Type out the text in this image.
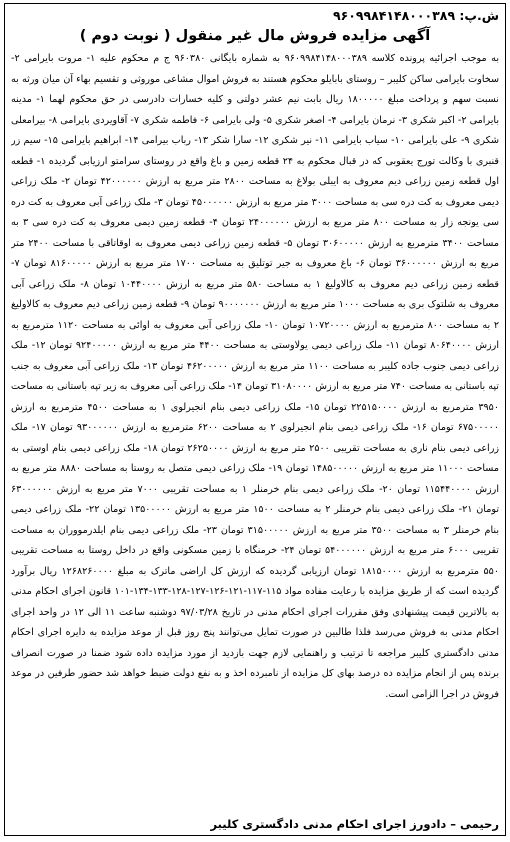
ش.پ: ۹۶۰۹۹۸۴۱۴۸۰۰۰۳۸۹
آگهی مزایده فروش مال غیر منقول ( نوبت دوم )
به موجب اجرائیه پرونده کلاسه ۹۶۰۹۹۸۴۱۴۸۰۰۰۳۸۹ به شماره بایگانی ۹۶۰۳۸۰ ج م محکوم علیه ۱- مروت بایرامی ۲- سخاوت بایرامی ساکن کلیبر – روستای بابایلو محکوم هستند به فروش اموال مشاعی موروثی و تقسیم بهاء آن میان ورثه به نسبت سهم و پرداخت مبلغ ۱۸۰۰۰۰۰ ریال بابت نیم عشر دولتی و کلیه خسارات دادرسی در حق محکوم لهما ۱- مدینه بایرامی ۲- اکبر شکری ۳- نرمان بایرامی ۴- اصغر شکری ۵- ولی بایرامی ۶- فاطمه شکری ۷- آقاویردی بایرامی ۸- بیرامعلی شکری ۹- علی بایرامی ۱۰- سیاب بایرامی ۱۱- نیر شکری ۱۲- سارا شکر ۱۳- رباب بیرامی ۱۴- ابراهیم بایرامی ۱۵- سیم زر قنبری با وکالت تورج یعقوبی که در قبال محکوم به ۲۴ قطعه زمین و باغ واقع در روستای سرامتو ارزیابی گردیده ۱- قطعه اول قطعه زمین زراعی دیم معروف به ایبلی بولاغ به مساحت ۲۸۰۰ متر مربع به ارزش ۴۲۰۰۰۰۰۰ تومان ۲- ملک زراعی دیمی معروف به کت دره سی به مساحت ۳۰۰۰ متر مربع به ارزش ۴۵۰۰۰۰۰۰ تومان ۳- ملک زراعی آبی معروف به کت دره سی یونجه زار به مساحت ۸۰۰ متر مربع به ارزش ۲۴۰۰۰۰۰۰ تومان ۴- قطعه زمین دیمی معروف به کت دره سی ۳ به مساحت ۳۴۰۰ مترمربع به ارزش ۳۰۶۰۰۰۰۰ تومان ۵- قطعه زمین زراعی دیمی معروف به اوقاتاقی با مساحت ۲۴۰۰ متر مربع به ارزش ۳۶۰۰۰۰۰۰ تومان ۶- باغ معروف به جیر توتلیق به مساحت ۱۷۰۰ متر مربع به ارزش ۸۱۶۰۰۰۰۰ تومان ۷- قطعه زمین زراعی دیم معروف به کالاولیغ ۱ به مساحت ۵۸۰ متر مربع به ارزش ۱۰۴۴۰۰۰۰ تومان ۸- ملک زراعی آبی معروف به شلتوک بری به مساحت ۱۰۰۰ متر مربع به ارزش ۹۰۰۰۰۰۰۰ تومان ۹- قطعه زمین زراعی دیم معروف به کالاولیغ ۲ به مساحت ۸۰۰ مترمربع به ارزش ۱۰۷۲۰۰۰۰ تومان ۱۰- ملک زراعی آبی معروف به اوائی به مساحت ۱۱۲۰ مترمربع به ارزش ۸۰۶۴۰۰۰۰ تومان ۱۱- ملک زراعی دیمی یولاوستی به مساحت ۴۴۰۰ متر مربع به ارزش ۹۲۴۰۰۰۰۰ تومان ۱۲- ملک زراعی دیمی جنوب جاده کلیبر به مساحت ۱۱۰۰ متر مربع به ارزش ۴۶۲۰۰۰۰۰ تومان ۱۳- ملک زراعی آبی معروف به جنب تپه باستانی به مساحت ۷۴۰ متر مربع به ارزش ۳۱۰۸۰۰۰۰ تومان ۱۴- ملک زراعی آبی معروف به زیر تپه باستانی به مساحت ۳۹۵۰ مترمربع به ارزش ۲۲۵۱۵۰۰۰۰ تومان ۱۵- ملک زراعی دیمی بنام انجیرلوی ۱ به مساحت ۴۵۰۰ مترمربع به ارزش ۶۷۵۰۰۰۰۰ تومان ۱۶- ملک زراعی دیمی بنام انجیرلوی ۲ به مساحت ۶۲۰۰ مترمربع به ارزش ۹۳۰۰۰۰۰۰ تومان ۱۷- ملک زراعی دیمی بنام ناری به مساحت تقریبی ۲۵۰۰ متر مربع به ارزش ۲۶۲۵۰۰۰۰ تومان ۱۸- ملک زراعی دیمی بنام اوستی به مساحت ۱۱۰۰۰ متر مربع به ارزش ۱۴۸۵۰۰۰۰۰ تومان ۱۹- ملک زراعی دیمی متصل به روستا به مساحت ۸۸۸۰ متر مربع به ارزش ۱۱۵۴۴۰۰۰۰ تومان ۲۰- ملک زراعی دیمی بنام خرمنلر ۱ به مساحت تقریبی ۷۰۰۰ متر مربع به ارزش ۶۳۰۰۰۰۰۰ تومان ۲۱- ملک زراعی دیمی بنام خرمنلر ۲ به مساحت ۱۵۰۰ متر مربع به ارزش ۱۳۵۰۰۰۰۰ تومان ۲۲- ملک زراعی دیمی بنام خرمنلر ۳ به مساحت ۳۵۰۰ متر مربع به ارزش ۳۱۵۰۰۰۰۰ تومان ۲۳- ملک زراعی دیمی بنام ایلدرمووران به مساحت تقریبی ۶۰۰۰ متر مربع به ارزش ۵۴۰۰۰۰۰۰ تومان ۲۴- خرمنگاه با زمین مسکونی واقع در داخل روستا به مساحت تقریبی ۵۵۰ مترمربع به ارزش ۱۸۱۵۰۰۰۰ تومان ارزیابی گردیده که ارزش کل اراضی ماترک به مبلغ ۱۲۶۸۲۶۰۰۰۰ ریال برآورد گردیده است که از طریق مزایده با رعایت مفاده مواد ۱۱۵-۱۱۷-۱۲۱-۱۲۶-۱۲۷-۱۲۸-۱۳۳-۱۳۴-۱۰۱ قانون اجرای احکام مدنی به بالاترین قیمت پیشنهادی وفق مقررات اجرای احکام مدنی در تاریخ ۹۷/۰۳/۲۸ دوشنبه ساعت ۱۱ الی ۱۲ در واحد اجرای احکام مدنی به فروش می‌رسد فلذا طالبین در صورت تمایل می‌توانند پنج روز قبل از موعد مزایده به دایره اجرای احکام مدنی دادگستری کلیبر مراجعه تا ترتیب و راهنمایی لازم جهت بازدید از مورد مزایده داده شود ضمنا در صورت انصراف برنده پس از انجام مزایده ده درصد بهای کل مزایده از نامبرده اخذ و به نفع دولت ضبط خواهد شد حضور طرفین در موعد فروش در اجرا الزامی است.
رحیمی – دادورز اجرای احکام مدنی دادگستری کلیبر
